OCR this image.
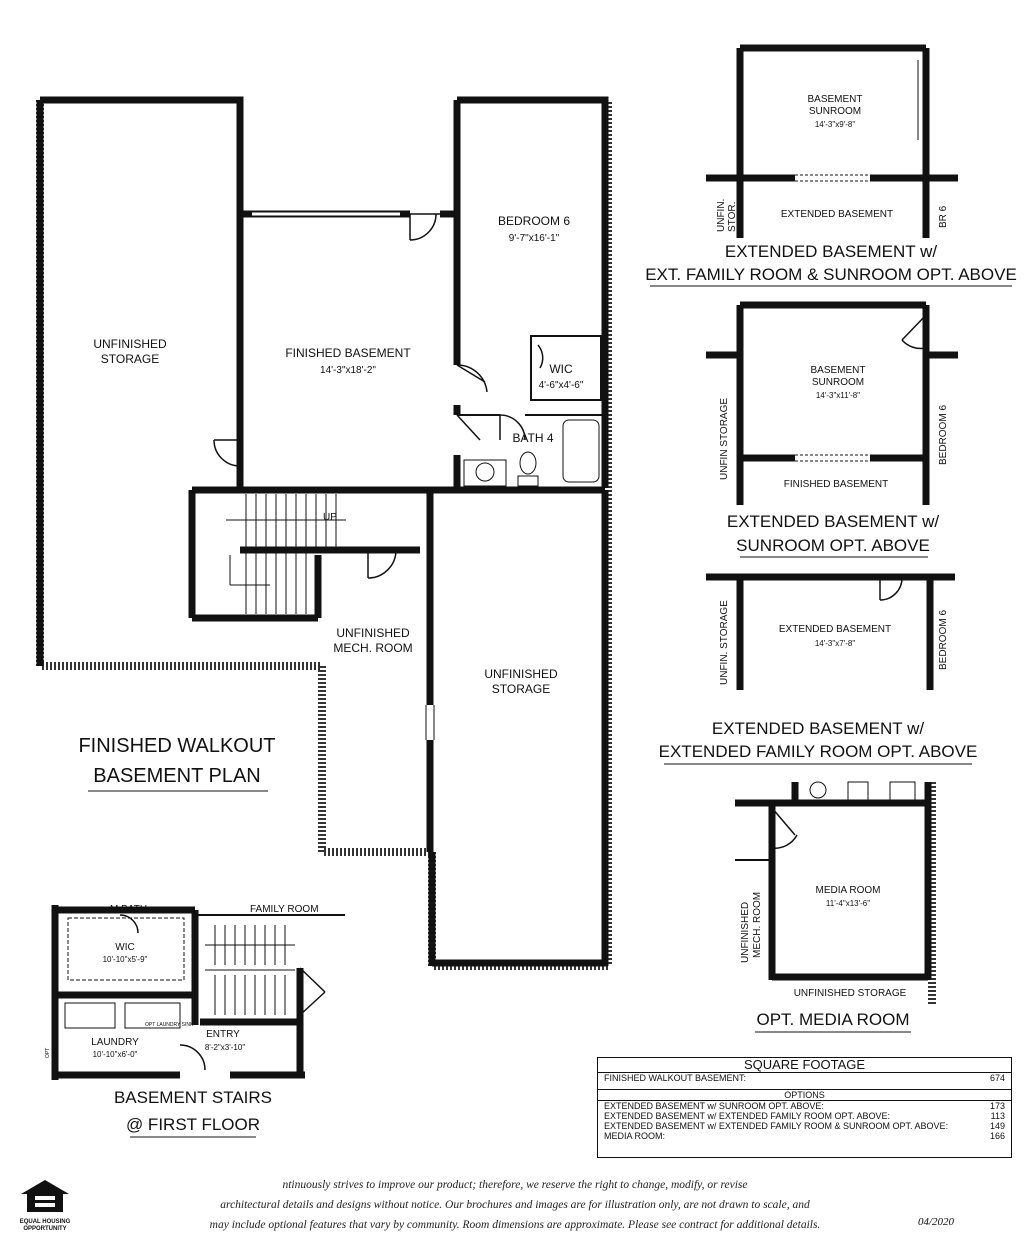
UNFINISHED
STORAGE	FINISHED BASEMENT
14'-3"x18'-2"
BEDROOM 6
9'-7"x16'-1"
WIC
4'-6"x4'-6"
BATH 4
UP
UNFINISHED
MECH. ROOM
UNFINISHED
STORAGE
FINISHED WALKOUT
BASEMENT PLAN
M BATH	FAMILY ROOM
WIC
10'-10"x5'-9"
LAUNDRY
10'-10"x6'-0"
ENTRY
8'-2"x3'-10"
OPT LAUNDRY SINK
OPT
BASEMENT STAIRS
@ FIRST FLOOR
BASEMENT
SUNROOM
14'-3"x9'-8"
EXTENDED BASEMENT
UNFIN. STOR.	BR 6
EXTENDED BASEMENT w/
EXT. FAMILY ROOM & SUNROOM OPT. ABOVE
BASEMENT
SUNROOM
14'-3"x11'-8"
FINISHED BASEMENT
UNFIN STORAGE	BEDROOM 6
EXTENDED BASEMENT w/
SUNROOM OPT. ABOVE
EXTENDED BASEMENT
14'-3"x7'-8"
UNFIN. STORAGE	BEDROOM 6
EXTENDED BASEMENT w/
EXTENDED FAMILY ROOM OPT. ABOVE
MEDIA ROOM
11'-4"x13'-6"
UNFINISHED MECH. ROOM
UNFINISHED STORAGE
OPT. MEDIA ROOM
SQUARE FOOTAGE
FINISHED WALKOUT BASEMENT:	674
OPTIONS
EXTENDED BASEMENT w/ SUNROOM OPT. ABOVE:	173
EXTENDED BASEMENT w/ EXTENDED FAMILY ROOM OPT. ABOVE:	113
EXTENDED BASEMENT w/ EXTENDED FAMILY ROOM & SUNROOM OPT. ABOVE:	149
MEDIA ROOM:	166
EQUAL HOUSING
OPPORTUNITY
ntinuously strives to improve our product; therefore, we reserve the right to change, modify, or revise
architectural details and designs without notice. Our brochures and images are for illustration only, are not drawn to scale, and
may include optional features that vary by community. Room dimensions are approximate. Please see contract for additional details.	04/2020
